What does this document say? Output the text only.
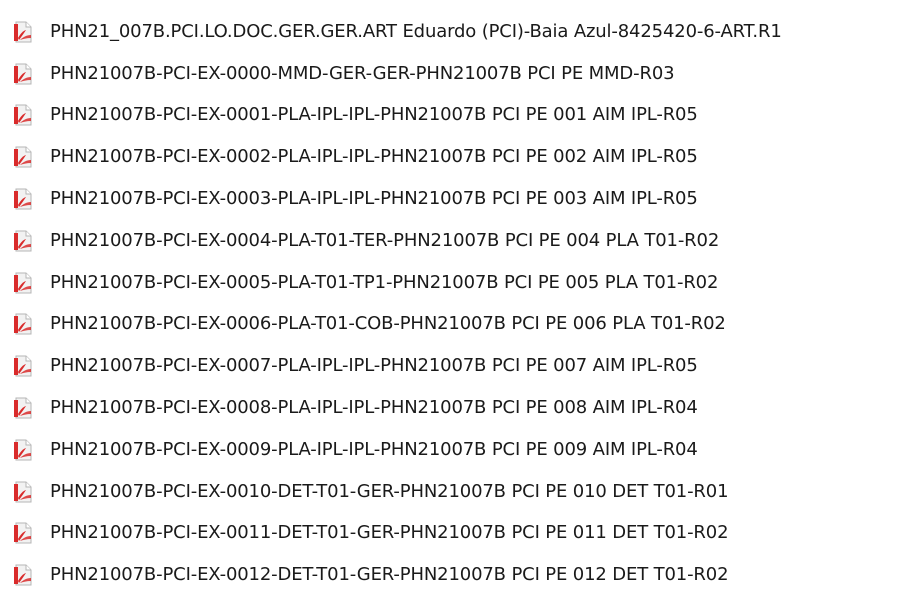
PHN21_007B.PCI.LO.DOC.GER.GER.ART Eduardo (PCI)-Baia Azul-8425420-6-ART.R1
PHN21007B-PCI-EX-0000-MMD-GER-GER-PHN21007B PCI PE MMD-R03
PHN21007B-PCI-EX-0001-PLA-IPL-IPL-PHN21007B PCI PE 001 AIM IPL-R05
PHN21007B-PCI-EX-0002-PLA-IPL-IPL-PHN21007B PCI PE 002 AIM IPL-R05
PHN21007B-PCI-EX-0003-PLA-IPL-IPL-PHN21007B PCI PE 003 AIM IPL-R05
PHN21007B-PCI-EX-0004-PLA-T01-TER-PHN21007B PCI PE 004 PLA T01-R02
PHN21007B-PCI-EX-0005-PLA-T01-TP1-PHN21007B PCI PE 005 PLA T01-R02
PHN21007B-PCI-EX-0006-PLA-T01-COB-PHN21007B PCI PE 006 PLA T01-R02
PHN21007B-PCI-EX-0007-PLA-IPL-IPL-PHN21007B PCI PE 007 AIM IPL-R05
PHN21007B-PCI-EX-0008-PLA-IPL-IPL-PHN21007B PCI PE 008 AIM IPL-R04
PHN21007B-PCI-EX-0009-PLA-IPL-IPL-PHN21007B PCI PE 009 AIM IPL-R04
PHN21007B-PCI-EX-0010-DET-T01-GER-PHN21007B PCI PE 010 DET T01-R01
PHN21007B-PCI-EX-0011-DET-T01-GER-PHN21007B PCI PE 011 DET T01-R02
PHN21007B-PCI-EX-0012-DET-T01-GER-PHN21007B PCI PE 012 DET T01-R02
